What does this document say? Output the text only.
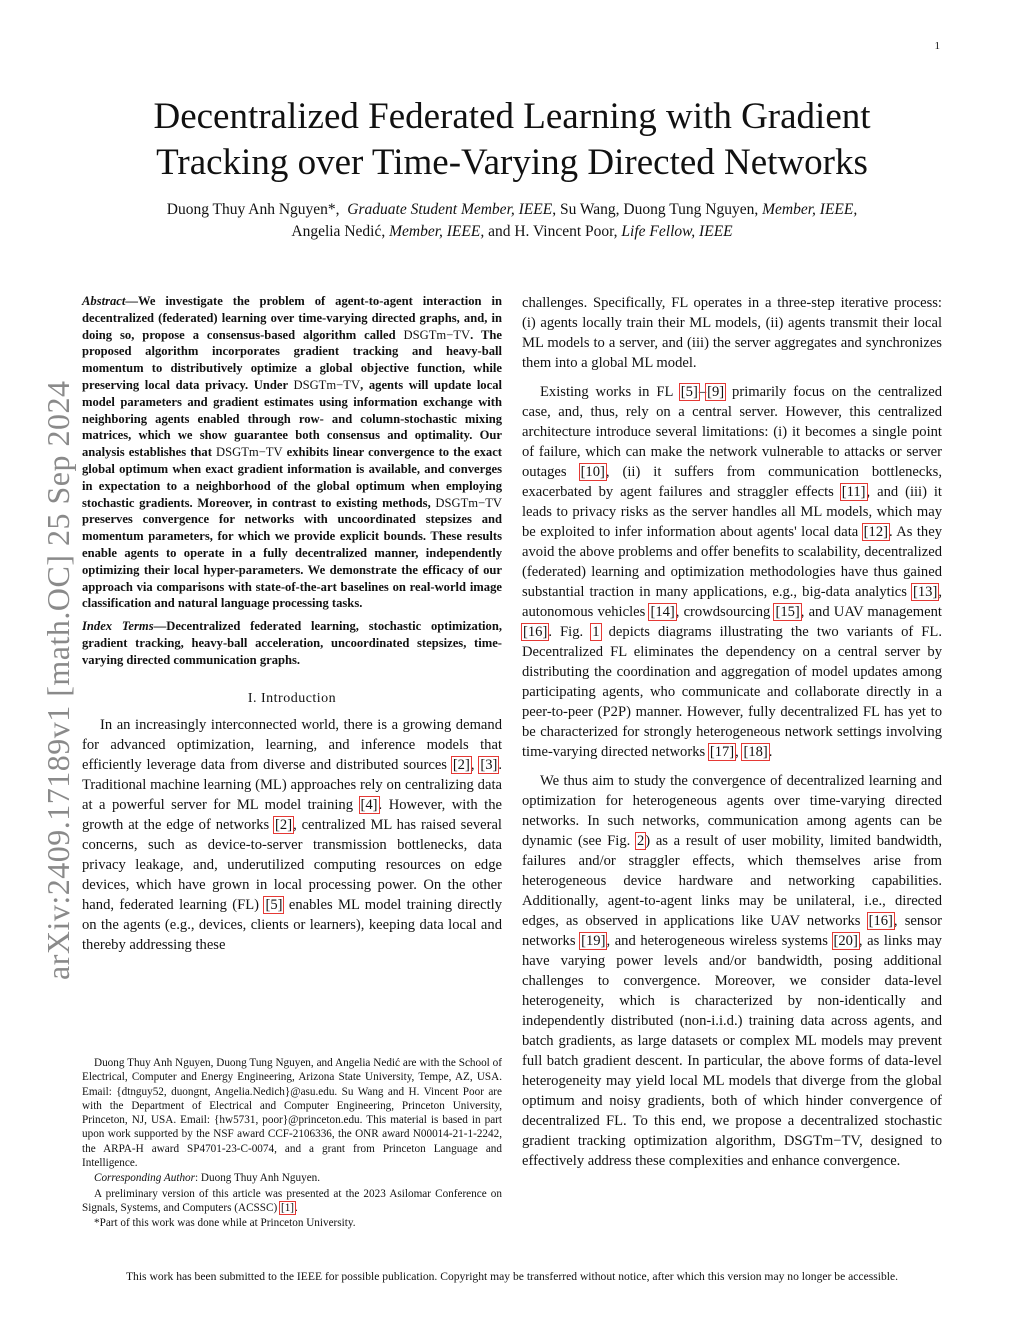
1
arXiv:2409.17189v1 [math.OC] 25 Sep 2024
Decentralized Federated Learning with Gradient
Tracking over Time-Varying Directed Networks
Duong Thuy Anh Nguyen*, Graduate Student Member, IEEE, Su Wang, Duong Tung Nguyen, Member, IEEE,
Angelia Nedić, Member, IEEE, and H. Vincent Poor, Life Fellow, IEEE

Abstract—We investigate the problem of agent-to-agent interaction in decentralized (federated) learning over time-varying directed graphs, and, in doing so, propose a consensus-based algorithm called DSGTm−TV. The proposed algorithm incorporates gradient tracking and heavy-ball momentum to distributively optimize a global objective function, while preserving local data privacy. Under DSGTm−TV, agents will update local model parameters and gradient estimates using information exchange with neighboring agents enabled through row- and column-stochastic mixing matrices, which we show guarantee both consensus and optimality. Our analysis establishes that DSGTm−TV exhibits linear convergence to the exact global optimum when exact gradient information is available, and converges in expectation to a neighborhood of the global optimum when employing stochastic gradients. Moreover, in contrast to existing methods, DSGTm−TV preserves convergence for networks with uncoordinated stepsizes and momentum parameters, for which we provide explicit bounds. These results enable agents to operate in a fully decentralized manner, independently optimizing their local hyper-parameters. We demonstrate the efficacy of our approach via comparisons with state-of-the-art baselines on real-world image classification and natural language processing tasks.

Index Terms—Decentralized federated learning, stochastic optimization, gradient tracking, heavy-ball acceleration, uncoordinated stepsizes, time-varying directed communication graphs.

I. Introduction

In an increasingly interconnected world, there is a growing demand for advanced optimization, learning, and inference models that efficiently leverage data from diverse and distributed sources [2], [3]. Traditional machine learning (ML) approaches rely on centralizing data at a powerful server for ML model training [4]. However, with the growth at the edge of networks [2], centralized ML has raised several concerns, such as device-to-server transmission bottlenecks, data privacy leakage, and, underutilized computing resources on edge devices, which have grown in local processing power. On the other hand, federated learning (FL) [5] enables ML model training directly on the agents (e.g., devices, clients or learners), keeping data local and thereby addressing these

Duong Thuy Anh Nguyen, Duong Tung Nguyen, and Angelia Nedić are with the School of Electrical, Computer and Energy Engineering, Arizona State University, Tempe, AZ, USA. Email: {dtnguy52, duongnt, Angelia.Nedich}@asu.edu. Su Wang and H. Vincent Poor are with the Department of Electrical and Computer Engineering, Princeton University, Princeton, NJ, USA. Email: {hw5731, poor}@princeton.edu. This material is based in part upon work supported by the NSF award CCF-2106336, the ONR award N00014-21-1-2242, the ARPA-H award SP4701-23-C-0074, and a grant from Princeton Language and Intelligence.

Corresponding Author: Duong Thuy Anh Nguyen.

A preliminary version of this article was presented at the 2023 Asilomar Conference on Signals, Systems, and Computers (ACSSC) [1].

*Part of this work was done while at Princeton University.

challenges. Specifically, FL operates in a three-step iterative process: (i) agents locally train their ML models, (ii) agents transmit their local ML models to a server, and (iii) the server aggregates and synchronizes them into a global ML model.

Existing works in FL [5]–[9] primarily focus on the centralized case, and, thus, rely on a central server. However, this centralized architecture introduce several limitations: (i) it becomes a single point of failure, which can make the network vulnerable to attacks or server outages [10], (ii) it suffers from communication bottlenecks, exacerbated by agent failures and straggler effects [11], and (iii) it leads to privacy risks as the server handles all ML models, which may be exploited to infer information about agents' local data [12]. As they avoid the above problems and offer benefits to scalability, decentralized (federated) learning and optimization methodologies have thus gained substantial traction in many applications, e.g., big-data analytics [13], autonomous vehicles [14], crowdsourcing [15], and UAV management [16]. Fig. 1 depicts diagrams illustrating the two variants of FL. Decentralized FL eliminates the dependency on a central server by distributing the coordination and aggregation of model updates among participating agents, who communicate and collaborate directly in a peer-to-peer (P2P) manner. However, fully decentralized FL has yet to be characterized for strongly heterogeneous network settings involving time-varying directed networks [17], [18].

We thus aim to study the convergence of decentralized learning and optimization for heterogeneous agents over time-varying directed networks. In such networks, communication among agents can be dynamic (see Fig. 2) as a result of user mobility, limited bandwidth, failures and/or straggler effects, which themselves arise from heterogeneous device hardware and networking capabilities. Additionally, agent-to-agent links may be unilateral, i.e., directed edges, as observed in applications like UAV networks [16], sensor networks [19], and heterogeneous wireless systems [20], as links may have varying power levels and/or bandwidth, posing additional challenges to convergence. Moreover, we consider data-level heterogeneity, which is characterized by non-identically and independently distributed (non-i.i.d.) training data across agents, and batch gradients, as large datasets or complex ML models may prevent full batch gradient descent. In particular, the above forms of data-level heterogeneity may yield local ML models that diverge from the global optimum and noisy gradients, both of which hinder convergence of decentralized FL. To this end, we propose a decentralized stochastic gradient tracking optimization algorithm, DSGTm−TV, designed to effectively address these complexities and enhance convergence.

This work has been submitted to the IEEE for possible publication. Copyright may be transferred without notice, after which this version may no longer be accessible.
